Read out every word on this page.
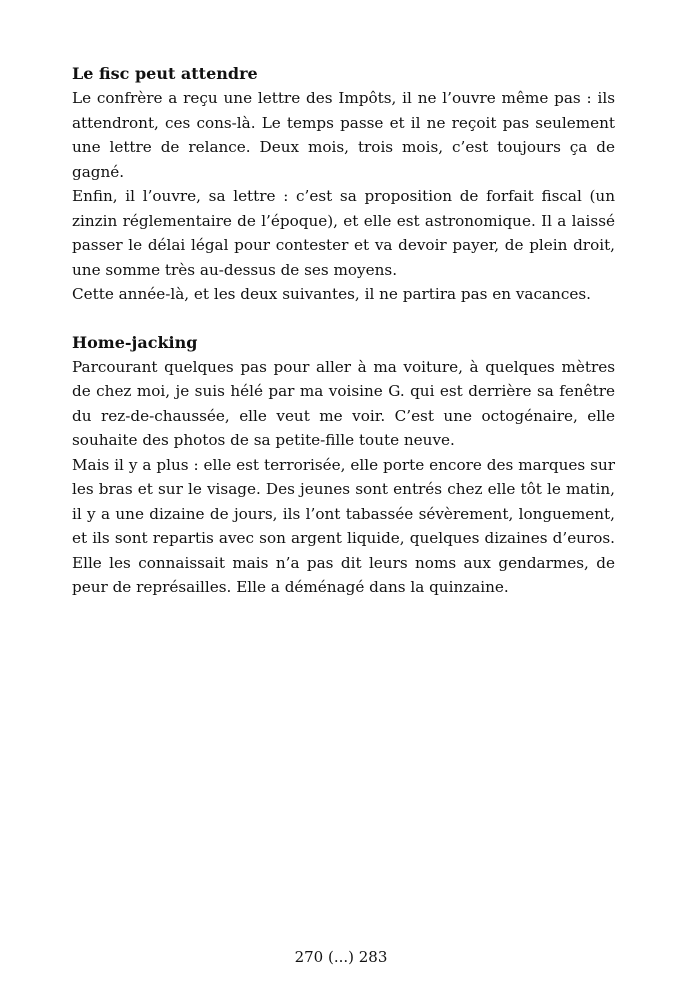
Le fisc peut attendre

Le confrère a reçu une lettre des Impôts, il ne l’ouvre même pas : ils attendront, ces cons-là. Le temps passe et il ne reçoit pas seulement une lettre de relance. Deux mois, trois mois, c’est toujours ça de gagné.

Enfin, il l’ouvre, sa lettre : c’est sa proposition de forfait fiscal (un zinzin réglementaire de l’époque), et elle est astronomique. Il a laissé passer le délai légal pour contester et va devoir payer, de plein droit, une somme très au-dessus de ses moyens.

Cette année-là, et les deux suivantes, il ne partira pas en vacances.

Home-jacking

Parcourant quelques pas pour aller à ma voiture, à quelques mètres de chez moi, je suis hélé par ma voisine G. qui est derrière sa fenêtre du rez-de-chaussée, elle veut me voir. C’est une octogénaire, elle souhaite des photos de sa petite-fille toute neuve.

Mais il y a plus : elle est terrorisée, elle porte encore des marques sur les bras et sur le visage. Des jeunes sont entrés chez elle tôt le matin, il y a une dizaine de jours, ils l’ont tabassée sévèrement, longuement, et ils sont repartis avec son argent liquide, quelques dizaines d’euros. Elle les connaissait mais n’a pas dit leurs noms aux gendarmes, de peur de représailles. Elle a déménagé dans la quinzaine.

270 (...) 283
